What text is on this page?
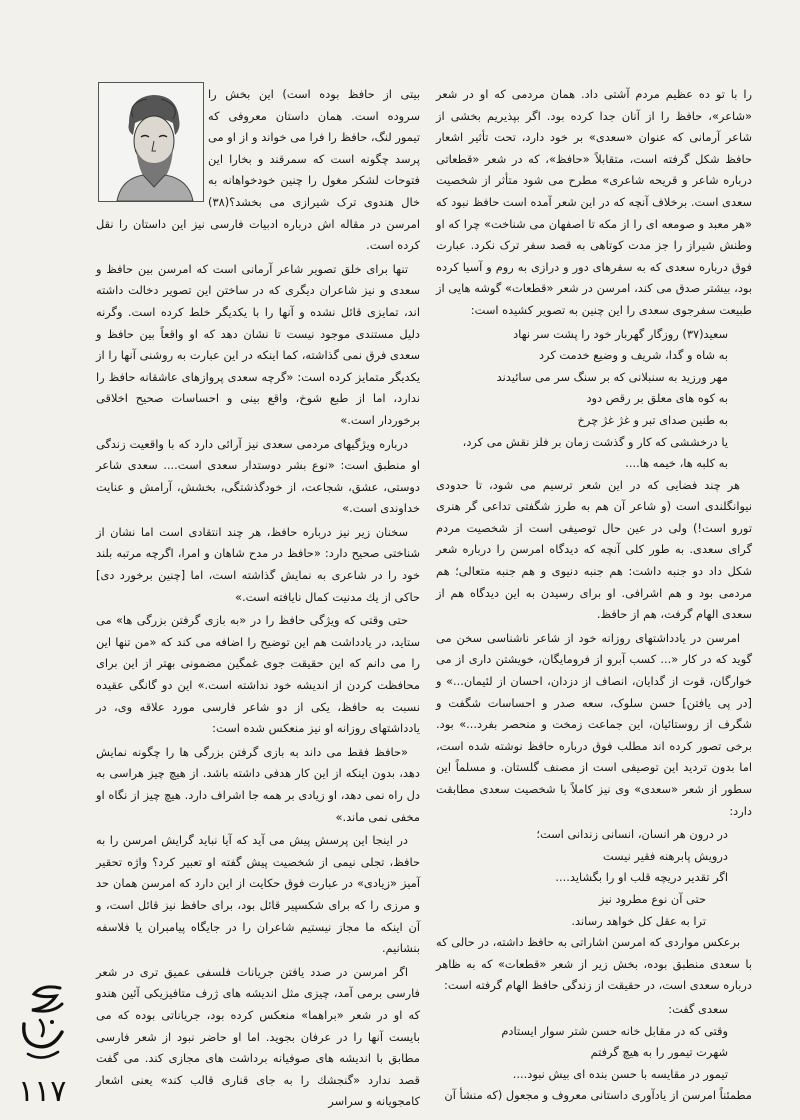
را با تو ده عظیم مردم آشتی داد. همان مردمی که او در شعر «شاعر»، حافظ را از آنان جدا کرده بود. اگر بپذیریم بخشی از شاعر آرمانی که عنوان «سعدی» بر خود دارد، تحت تأثیر اشعار حافظ شکل گرفته است، متقابلاً «حافظ»، که در شعر «قطعاتی درباره شاعر و قریحه شاعری» مطرح می شود متأثر از شخصیت سعدی است. برخلاف آنچه که در این شعر آمده است حافظ نبود که «هر معبد و صومعه ای را از مکه تا اصفهان می شناخت» چرا که او وطنش شیراز را جز مدت کوتاهی به قصد سفر ترک نکرد. عبارت فوق درباره سعدی که به سفرهای دور و درازی به روم و آسیا کرده بود، بیشتر صدق می کند، امرسن در شعر «قطعات» گوشه هایی از طبیعت سفرجوی سعدی را این چنین به تصویر کشیده است:

سعید(۳۷) روزگار گهربار خود را پشت سر نهاد
به شاه و گدا، شریف و وضیع خدمت کرد
مهر ورزید به سنبلانی که بر سنگ سر می سائیدند
به کوه های معلق بر رقص دود
به طنین صدای تبر و غژ غژ چرخ
یا درخششی که کار و گذشت زمان بر فلز نقش می کرد،
به کلبه ها، خیمه ها....

هر چند فضایی که در این شعر ترسیم می شود، تا حدودی نیوانگلندی است (و شاعر آن هم به طرز شگفتی تداعی گر هنری تورو است!) ولی در عین حال توصیفی است از شخصیت مردم گرای سعدی. به طور کلی آنچه که دیدگاه امرسن را درباره شعر شکل داد دو جنبه داشت: هم جنبه دنیوی و هم جنبه متعالی؛ هم مردمی بود و هم اشرافی. او برای رسیدن به این دیدگاه هم از سعدی الهام گرفت، هم از حافظ.

امرسن در یادداشتهای روزانه خود از شاعر ناشناسی سخن می گوید که در کار «... کسب آبرو از فرومایگان، خویشتن داری از می خوارگان، قوت از گدایان، انصاف از دزدان، احسان از لئیمان...» و [در پی یافتن] حسن سلوک، سعه صدر و احساسات شگفت و شگرف از روستائیان، این جماعت زمخت و منحصر بفرد...» بود. برخی تصور کرده اند مطلب فوق درباره حافظ نوشته شده است، اما بدون تردید این توصیفی است از مصنف گلستان. و مسلماً این سطور از شعر «سعدی» وی نیز کاملاً با شخصیت سعدی مطابقت دارد:

در درون هر انسان، انسانی زندانی است؛
درویش پابرهنه فقیر نیست
اگر تقدیر دریچه قلب او را بگشاید....
حتی آن نوع مطرود نیز
ترا به عقل کل خواهد رساند.

برعکس مواردی که امرسن اشاراتی به حافظ داشته، در حالی که با سعدی منطبق بوده، بخش زیر از شعر «قطعات» که به ظاهر درباره سعدی است، در حقیقت از زندگی حافظ الهام گرفته است:

سعدی گفت:
وقتی که در مقابل خانه حسن شتر سوار ایستادم
شهرت تیمور را به هیچ گرفتم
تیمور در مقایسه با حسن بنده ای بیش نبود....

مطمئناً امرسن از یادآوری داستانی معروف و مجعول (که منشأ آن

بیتی از حافظ بوده است) این بخش را سروده است. همان داستان معروفی که تیمور لنگ، حافظ را فرا می خواند و از او می پرسد چگونه است که سمرقند و بخارا این فتوحات لشکر مغول را چنین خودخواهانه به خال هندوی ترک شیرازی می بخشد؟(۳۸) امرسن در مقاله اش درباره ادبیات فارسی نیز این داستان را نقل کرده است.

تنها برای خلق تصویر شاعر آرمانی است که امرسن بین حافظ و سعدی و نیز شاعران دیگری که در ساختن این تصویر دخالت داشته اند، تمایزی قائل نشده و آنها را با یکدیگر خلط کرده است. وگرنه دلیل مستندی موجود نیست تا نشان دهد که او واقعاً بین حافظ و سعدی فرق نمی گذاشته، کما اینکه در این عبارت به روشنی آنها را از یکدیگر متمایز کرده است: «گرچه سعدی پروازهای عاشقانه حافظ را ندارد، اما از طبع شوخ، واقع بینی و احساسات صحیح اخلاقی برخوردار است.»

درباره ویژگیهای مردمی سعدی نیز آرائی دارد که با واقعیت زندگی او منطبق است: «نوع بشر دوستدار سعدی است.... سعدی شاعر دوستی، عشق، شجاعت، از خودگذشتگی، بخشش، آرامش و عنایت خداوندی است.»

سخنان زیر نیز درباره حافظ، هر چند انتقادی است اما نشان از شناختی صحیح دارد: «حافظ در مدح شاهان و امرا، اگرچه مرتبه بلند خود را در شاعری به نمایش گذاشته است، اما [چنین برخورد دی] حاکی از یك مدنیت کمال نایافته است.»

حتی وقتی که ویژگی حافظ را در «به بازی گرفتن بزرگی ها» می ستاید، در یادداشت هم این توضیح را اضافه می کند که «من تنها این را می دانم که این حقیقت جوی غمگین مضمونی بهتر از این برای محافظت کردن از اندیشه خود نداشته است.» این دو گانگی عقیده نسبت به حافظ، یکی از دو شاعر فارسی مورد علاقه وی، در یادداشتهای روزانه او نیز منعکس شده است:

«حافظ فقط می داند به بازی گرفتن بزرگی ها را چگونه نمایش دهد، بدون اینکه از این کار هدفی داشته باشد. از هیچ چیز هراسی به دل راه نمی دهد، او زیادی بر همه جا اشراف دارد. هیچ چیز از نگاه او مخفی نمی ماند.»

در اینجا این پرسش پیش می آید که آیا نباید گرایش امرسن را به حافظ، تجلی نیمی از شخصیت پیش گفته او تعبیر کرد؟ واژه تحقیر آمیز «زیادی» در عبارت فوق حکایت از این دارد که امرسن همان حد و مرزی را که برای شکسپیر قائل بود، برای حافظ نیز قائل است، و آن اینکه ما مجاز نیستیم شاعران را در جایگاه پیامبران یا فلاسفه بنشانیم.

اگر امرسن در صدد یافتن جریانات فلسفی عمیق تری در شعر فارسی برمی آمد، چیزی مثل اندیشه های ژرف متافیزیکی آئین هندو که او در شعر «براهما» منعکس کرده بود، جریاناتی بوده که می بایست آنها را در عرفان بجوید. اما او حاضر نبود از شعر فارسی مطابق با اندیشه های صوفیانه برداشت های مجازی کند. می گفت قصد ندارد «گنجشك را به جای قناری قالب کند» یعنی اشعار کامجویانه و سراسر

۱۱۷
